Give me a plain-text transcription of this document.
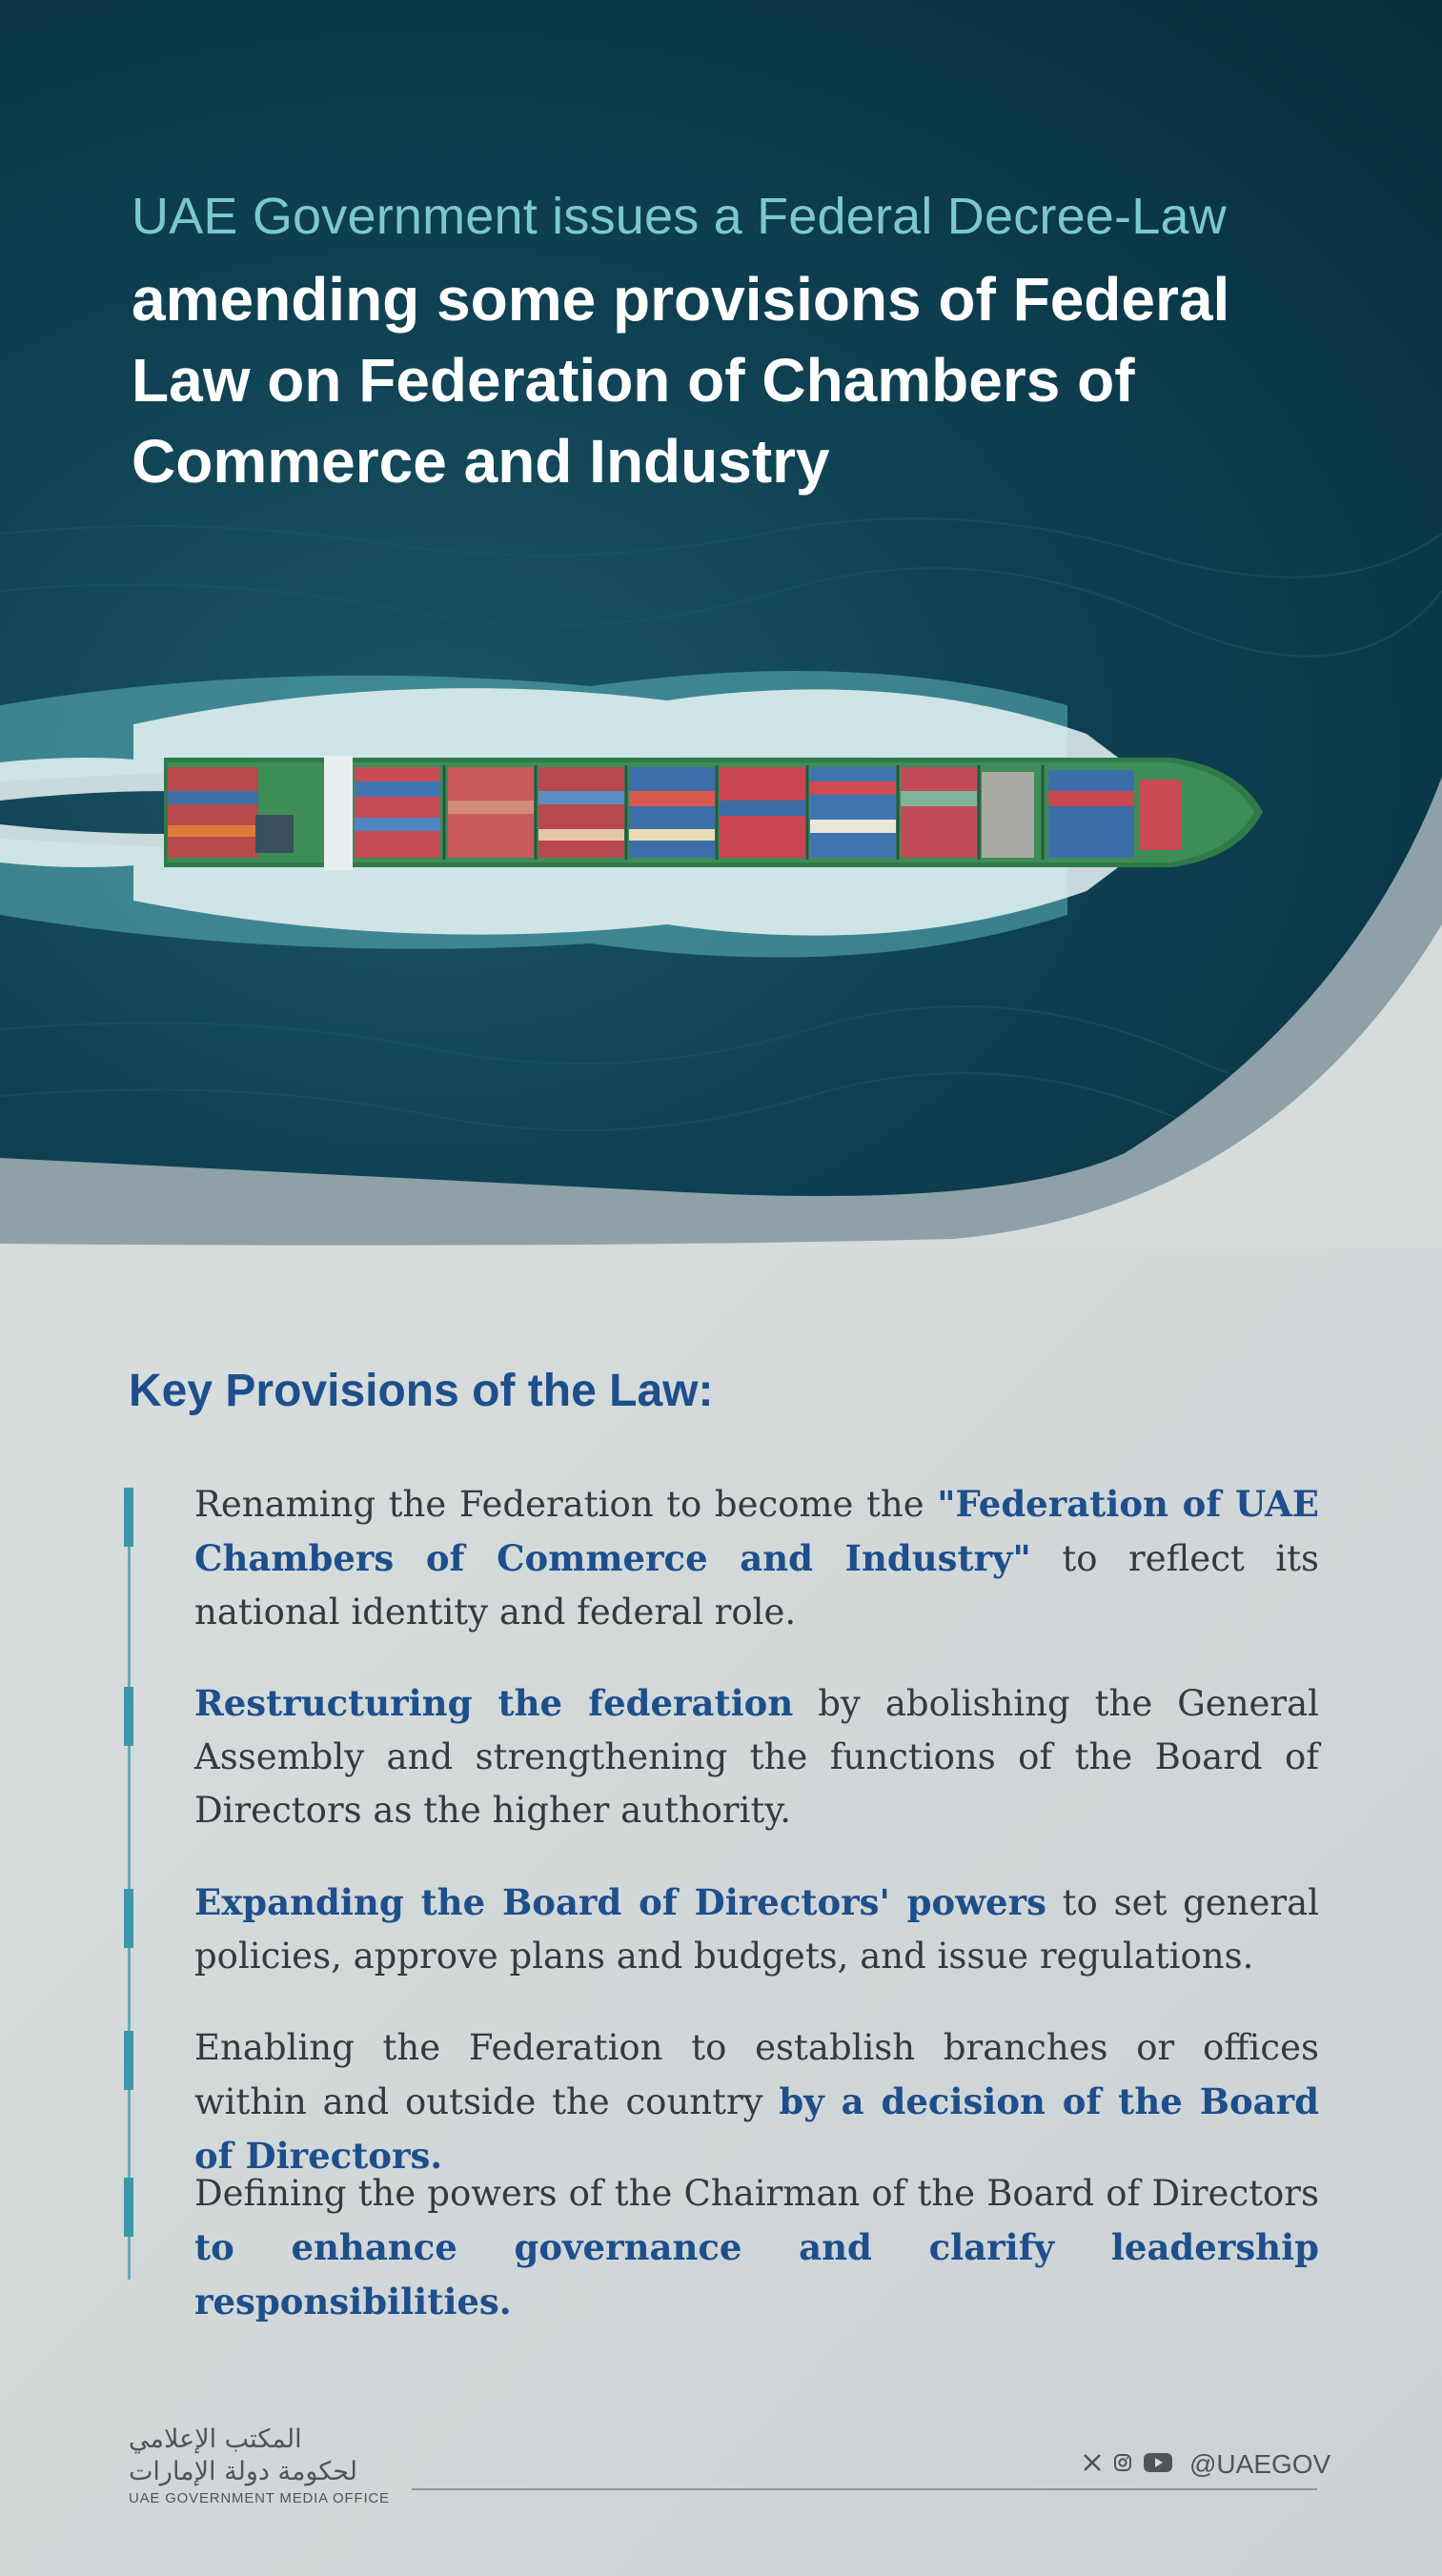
UAE Government issues a Federal Decree-Law

amending some provisions of Federal Law on Federation of Chambers of Commerce and Industry
Key Provisions of the Law:

Renaming the Federation to become the "Federation of UAE Chambers of Commerce and Industry" to reflect its national identity and federal role.

Restructuring the federation by abolishing the General Assembly and strengthening the functions of the Board of Directors as the higher authority.

Expanding the Board of Directors' powers to set general policies, approve plans and budgets, and issue regulations.

Enabling the Federation to establish branches or offices within and outside the country by a decision of the Board of Directors.

Defining the powers of the Chairman of the Board of Directors to enhance governance and clarify leadership responsibilities.

المكتب الإعلامي

لحكومة دولة الإمارات

UAE GOVERNMENT MEDIA OFFICE

@UAEGOV
